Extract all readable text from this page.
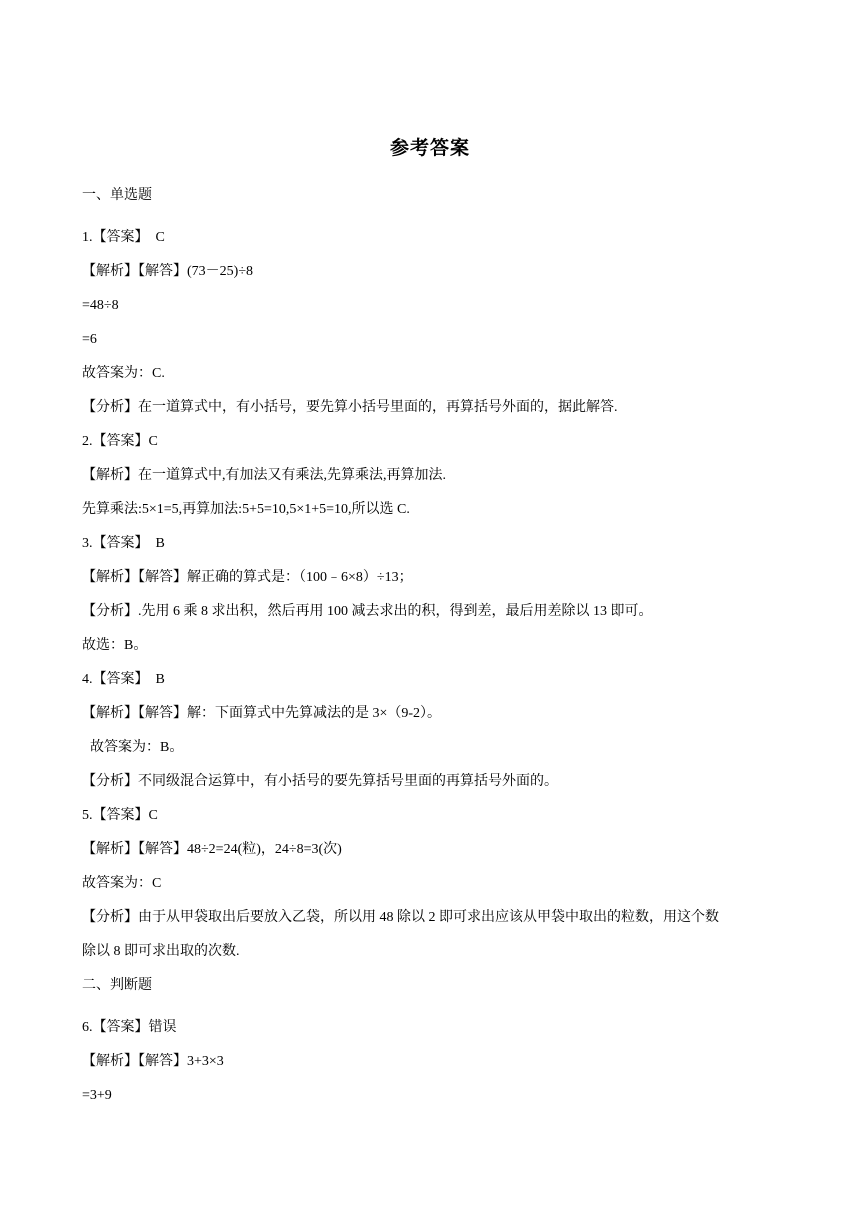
参考答案
一、单选题
1.【答案】  C
【解析】【解答】(73－25)÷8
=48÷8
=6
故答案为：C.
【分析】在一道算式中，有小括号，要先算小括号里面的，再算括号外面的，据此解答.
2.【答案】C
【解析】在一道算式中,有加法又有乘法,先算乘法,再算加法.
先算乘法:5×1=5,再算加法:5+5=10,5×1+5=10,所以选 C.
3.【答案】  B
【解析】【解答】解正确的算式是：（100﹣6×8）÷13；
【分析】.先用 6 乘 8 求出积，然后再用 100 减去求出的积，得到差，最后用差除以 13 即可。
故选：B。
4.【答案】  B
【解析】【解答】解：下面算式中先算减法的是 3×（9-2）。
故答案为：B。
【分析】不同级混合运算中，有小括号的要先算括号里面的再算括号外面的。
5.【答案】C
【解析】【解答】48÷2=24(粒)，24÷8=3(次)
故答案为：C
【分析】由于从甲袋取出后要放入乙袋，所以用 48 除以 2 即可求出应该从甲袋中取出的粒数，用这个数
除以 8 即可求出取的次数.
二、判断题
6.【答案】错误
【解析】【解答】3+3×3
=3+9
